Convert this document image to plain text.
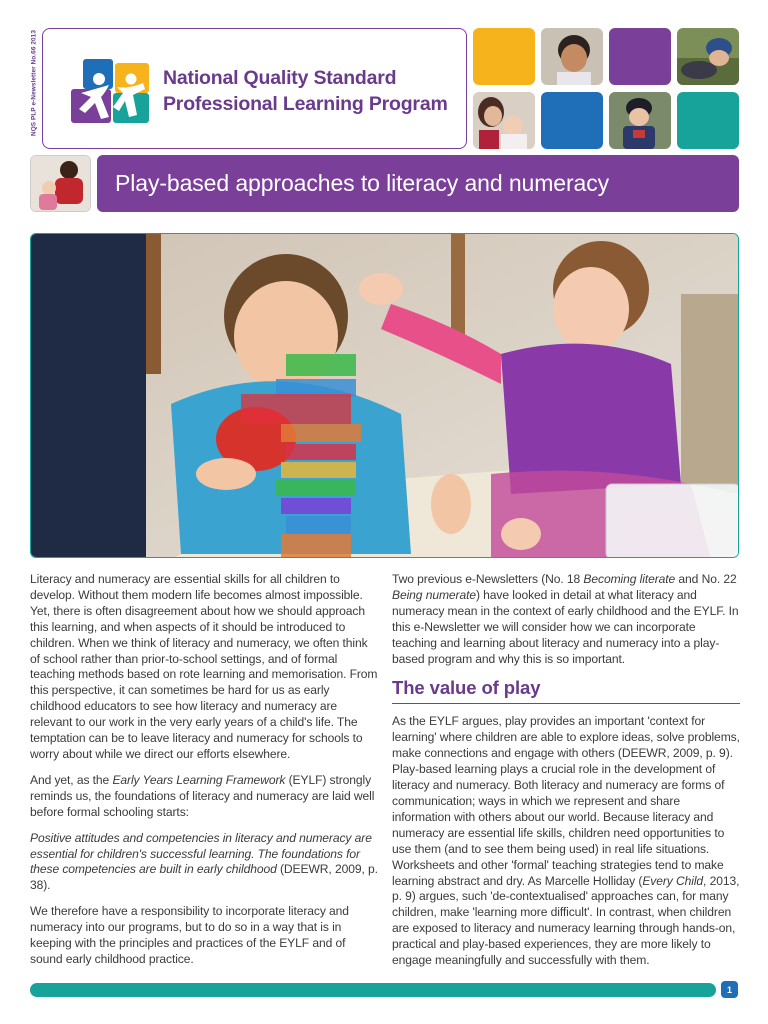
NQS PLP e-Newsletter No.66 2013	National Quality Standard
Professional Learning Program
Play-based approaches to literacy and numeracy

Literacy and numeracy are essential skills for all children to develop. Without them modern life becomes almost impossible. Yet, there is often disagreement about how we should approach this learning, and when aspects of it should be introduced to children. When we think of literacy and numeracy, we often think of school rather than prior-to-school settings, and of formal teaching methods based on rote learning and memorisation. From this perspective, it can sometimes be hard for us as early childhood educators to see how literacy and numeracy are relevant to our work in the very early years of a child's life. The temptation can be to leave literacy and numeracy for schools to worry about while we direct our efforts elsewhere.

And yet, as the Early Years Learning Framework (EYLF) strongly reminds us, the foundations of literacy and numeracy are laid well before formal schooling starts:

Positive attitudes and competencies in literacy and numeracy are essential for children's successful learning. The foundations for these competencies are built in early childhood (DEEWR, 2009, p. 38).

We therefore have a responsibility to incorporate literacy and numeracy into our programs, but to do so in a way that is in keeping with the principles and practices of the EYLF and of sound early childhood practice.

Two previous e-Newsletters (No. 18 Becoming literate and No. 22 Being numerate) have looked in detail at what literacy and numeracy mean in the context of early childhood and the EYLF. In this e-Newsletter we will consider how we can incorporate teaching and learning about literacy and numeracy into a play-based program and why this is so important.

The value of play

As the EYLF argues, play provides an important 'context for learning' where children are able to explore ideas, solve problems, make connections and engage with others (DEEWR, 2009, p. 9). Play-based learning plays a crucial role in the development of literacy and numeracy. Both literacy and numeracy are forms of communication; ways in which we represent and share information with others about our world. Because literacy and numeracy are essential life skills, children need opportunities to use them (and to see them being used) in real life situations. Worksheets and other 'formal' teaching strategies tend to make learning abstract and dry. As Marcelle Holliday (Every Child, 2013, p. 9) argues, such 'de-contextualised' approaches can, for many children, make 'learning more difficult'. In contrast, when children are exposed to literacy and numeracy learning through hands-on, practical and play-based experiences, they are more likely to engage meaningfully and successfully with them.

1
